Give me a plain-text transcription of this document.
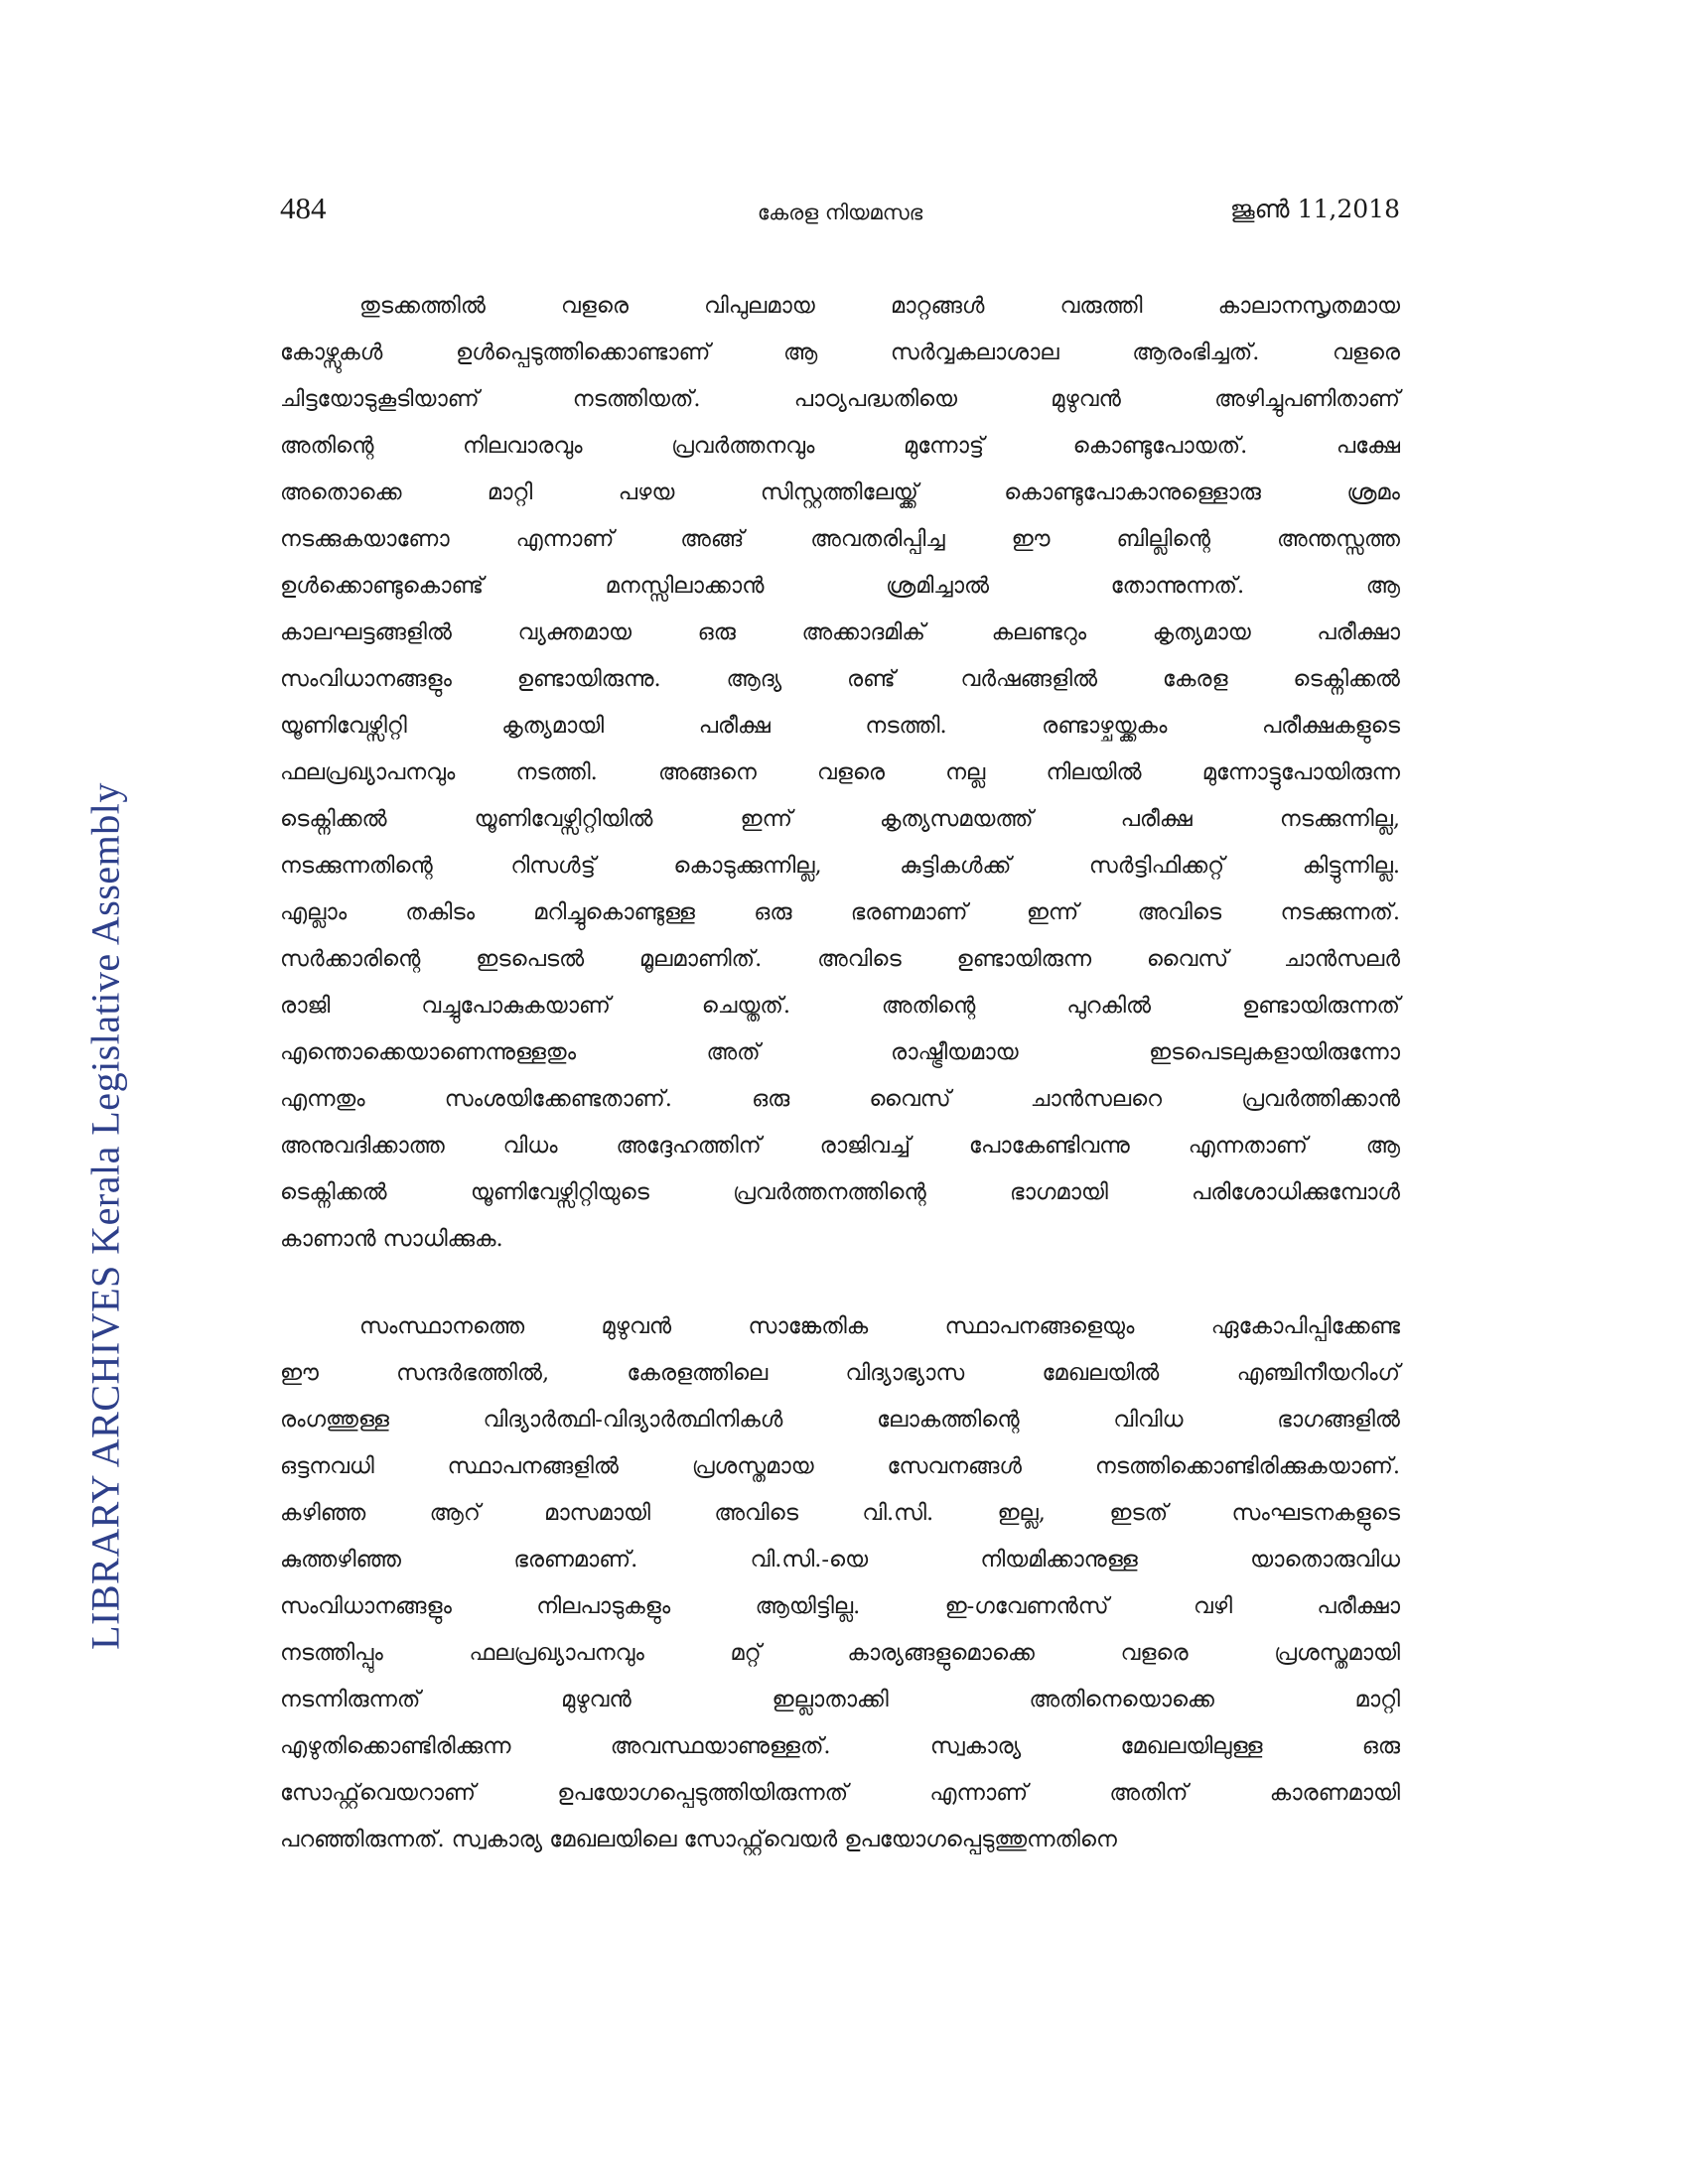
484	കേരള നിയമസഭ	ജൂൺ 11,2018
LIBRARY ARCHIVES Kerala Legislative Assembly
തുടക്കത്തിൽ വളരെ വിപുലമായ മാറ്റങ്ങൾ വരുത്തി കാലാനസൃതമായ
കോഴ്സുകൾ ഉൾപ്പെടുത്തിക്കൊണ്ടാണ് ആ സർവ്വകലാശാല ആരംഭിച്ചത്. വളരെ
ചിട്ടയോടുകൂടിയാണ് നടത്തിയത്. പാഠ്യപദ്ധതിയെ മുഴുവൻ അഴിച്ചുപണിതാണ്
അതിന്റെ നിലവാരവും പ്രവർത്തനവും മുന്നോട്ട് കൊണ്ടുപോയത്. പക്ഷേ
അതൊക്കെ മാറ്റി പഴയ സിസ്റ്റത്തിലേയ്ക്ക് കൊണ്ടുപോകാനുള്ളൊരു ശ്രമം
നടക്കുകയാണോ എന്നാണ് അങ്ങ് അവതരിപ്പിച്ച ഈ ബില്ലിന്റെ അന്തസ്സത്ത
ഉൾക്കൊണ്ടുകൊണ്ട് മനസ്സിലാക്കാൻ ശ്രമിച്ചാൽ തോന്നുന്നത്. ആ
കാലഘട്ടങ്ങളിൽ വ്യക്തമായ ഒരു അക്കാദമിക് കലണ്ടറും കൃത്യമായ പരീക്ഷാ
സംവിധാനങ്ങളും ഉണ്ടായിരുന്നു. ആദ്യ രണ്ട് വർഷങ്ങളിൽ കേരള ടെക്നിക്കൽ
യൂണിവേഴ്സിറ്റി കൃത്യമായി പരീക്ഷ നടത്തി. രണ്ടാഴ്ചയ്ക്കകം പരീക്ഷകളുടെ
ഫലപ്രഖ്യാപനവും നടത്തി. അങ്ങനെ വളരെ നല്ല നിലയിൽ മുന്നോട്ടുപോയിരുന്ന
ടെക്നിക്കൽ യൂണിവേഴ്സിറ്റിയിൽ ഇന്ന് കൃത്യസമയത്ത് പരീക്ഷ നടക്കുന്നില്ല,
നടക്കുന്നതിന്റെ റിസൾട്ട് കൊടുക്കുന്നില്ല, കുട്ടികൾക്ക് സർട്ടിഫിക്കറ്റ് കിട്ടുന്നില്ല.
എല്ലാം തകിടം മറിച്ചുകൊണ്ടുള്ള ഒരു ഭരണമാണ് ഇന്ന് അവിടെ നടക്കുന്നത്.
സർക്കാരിന്റെ ഇടപെടൽ മൂലമാണിത്. അവിടെ ഉണ്ടായിരുന്ന വൈസ് ചാൻസലർ
രാജി വച്ചുപോകുകയാണ് ചെയ്തത്. അതിന്റെ പുറകിൽ ഉണ്ടായിരുന്നത്
എന്തൊക്കെയാണെന്നുള്ളതും അത് രാഷ്ട്രീയമായ ഇടപെടലുകളായിരുന്നോ
എന്നതും സംശയിക്കേണ്ടതാണ്. ഒരു വൈസ് ചാൻസലറെ പ്രവർത്തിക്കാൻ
അനുവദിക്കാത്ത വിധം അദ്ദേഹത്തിന് രാജിവച്ച് പോകേണ്ടിവന്നു എന്നതാണ് ആ
ടെക്നിക്കൽ യൂണിവേഴ്സിറ്റിയുടെ പ്രവർത്തനത്തിന്റെ ഭാഗമായി പരിശോധിക്കുമ്പോൾ
കാണാൻ സാധിക്കുക.
സംസ്ഥാനത്തെ മുഴുവൻ സാങ്കേതിക സ്ഥാപനങ്ങളെയും ഏകോപിപ്പിക്കേണ്ട
ഈ സന്ദർഭത്തിൽ, കേരളത്തിലെ വിദ്യാഭ്യാസ മേഖലയിൽ എഞ്ചിനീയറിംഗ്
രംഗത്തുള്ള വിദ്യാർത്ഥി-വിദ്യാർത്ഥിനികൾ ലോകത്തിന്റെ വിവിധ ഭാഗങ്ങളിൽ
ഒട്ടനവധി സ്ഥാപനങ്ങളിൽ പ്രശസ്തമായ സേവനങ്ങൾ നടത്തിക്കൊണ്ടിരിക്കുകയാണ്.
കഴിഞ്ഞ ആറ് മാസമായി അവിടെ വി.സി. ഇല്ല, ഇടത് സംഘടനകളുടെ
കുത്തഴിഞ്ഞ ഭരണമാണ്. വി.സി.-യെ നിയമിക്കാനുള്ള യാതൊരുവിധ
സംവിധാനങ്ങളും നിലപാടുകളും ആയിട്ടില്ല. ഇ-ഗവേണൻസ് വഴി പരീക്ഷാ
നടത്തിപ്പും ഫലപ്രഖ്യാപനവും മറ്റ് കാര്യങ്ങളുമൊക്കെ വളരെ പ്രശസ്തമായി
നടന്നിരുന്നത് മുഴുവൻ ഇല്ലാതാക്കി അതിനെയൊക്കെ മാറ്റി
എഴുതിക്കൊണ്ടിരിക്കുന്ന അവസ്ഥയാണുള്ളത്. സ്വകാര്യ മേഖലയിലുള്ള ഒരു
സോഫ്റ്റ്‌വെയറാണ് ഉപയോഗപ്പെടുത്തിയിരുന്നത് എന്നാണ് അതിന് കാരണമായി
പറഞ്ഞിരുന്നത്. സ്വകാര്യ മേഖലയിലെ സോഫ്റ്റ്‌വെയർ ഉപയോഗപ്പെടുത്തുന്നതിനെ
